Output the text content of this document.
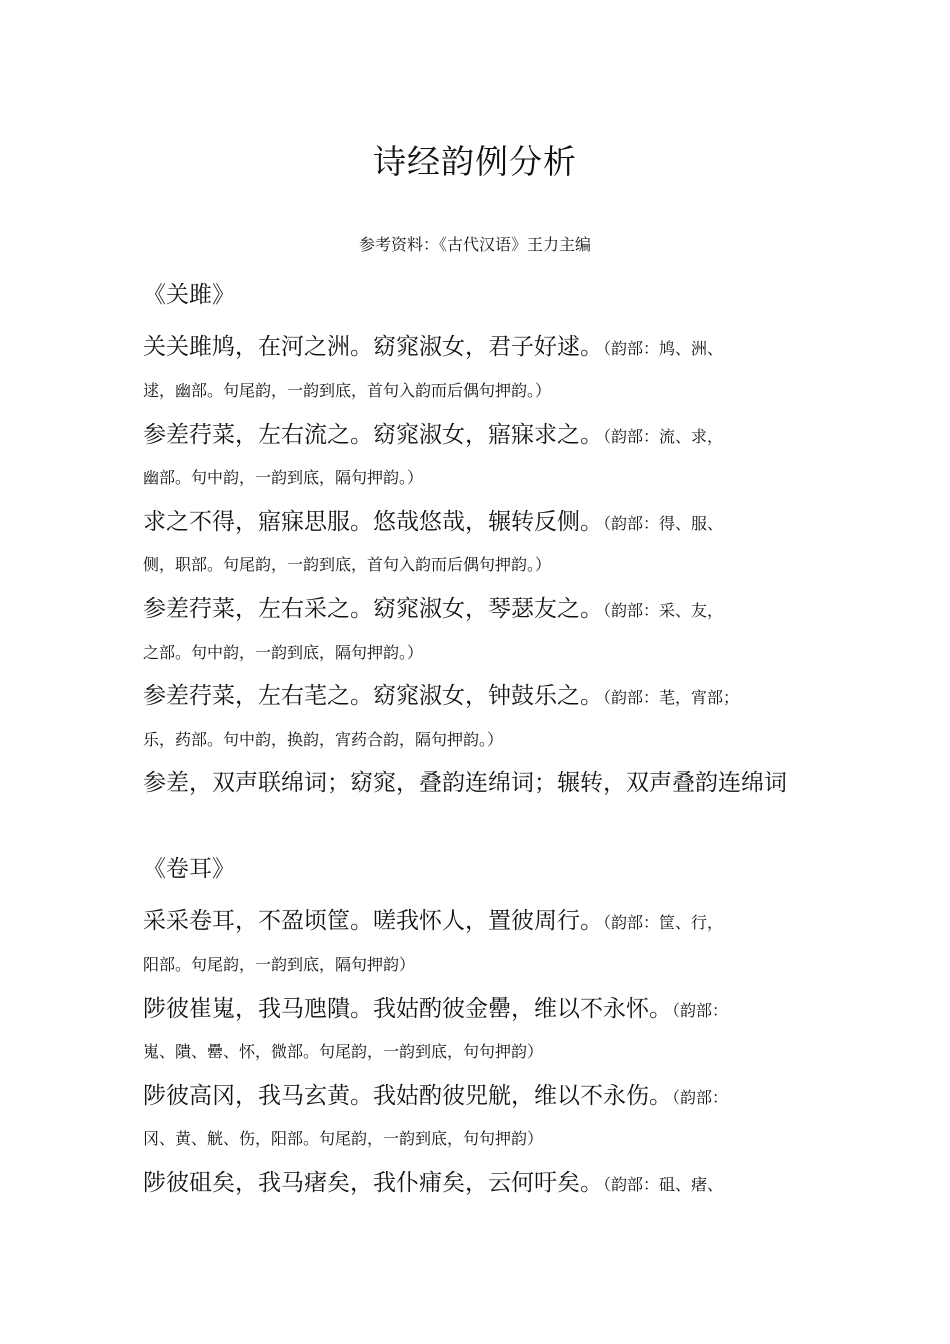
诗经韵例分析
参考资料：《古代汉语》王力主编
《关雎》
关关雎鸠，在河之洲。窈窕淑女，君子好逑。（韵部：鸠、洲、
逑，幽部。句尾韵，一韵到底，首句入韵而后偶句押韵。）
参差荇菜，左右流之。窈窕淑女，寤寐求之。（韵部：流、求，
幽部。句中韵，一韵到底，隔句押韵。）
求之不得，寤寐思服。悠哉悠哉，辗转反侧。（韵部：得、服、
侧，职部。句尾韵，一韵到底，首句入韵而后偶句押韵。）
参差荇菜，左右采之。窈窕淑女，琴瑟友之。（韵部：采、友，
之部。句中韵，一韵到底，隔句押韵。）
参差荇菜，左右芼之。窈窕淑女，钟鼓乐之。（韵部：芼，宵部；
乐，药部。句中韵，换韵，宵药合韵，隔句押韵。）
参差，双声联绵词；窈窕，叠韵连绵词；辗转，双声叠韵连绵词
《卷耳》
采采卷耳，不盈顷筐。嗟我怀人，置彼周行。（韵部：筐、行，
阳部。句尾韵，一韵到底，隔句押韵）
陟彼崔嵬，我马虺隤。我姑酌彼金罍，维以不永怀。（韵部：
嵬、隤、罍、怀，微部。句尾韵，一韵到底，句句押韵）
陟彼高冈，我马玄黄。我姑酌彼兕觥，维以不永伤。（韵部：
冈、黄、觥、伤，阳部。句尾韵，一韵到底，句句押韵）
陟彼砠矣，我马瘏矣，我仆痡矣，云何吁矣。（韵部：砠、瘏、
